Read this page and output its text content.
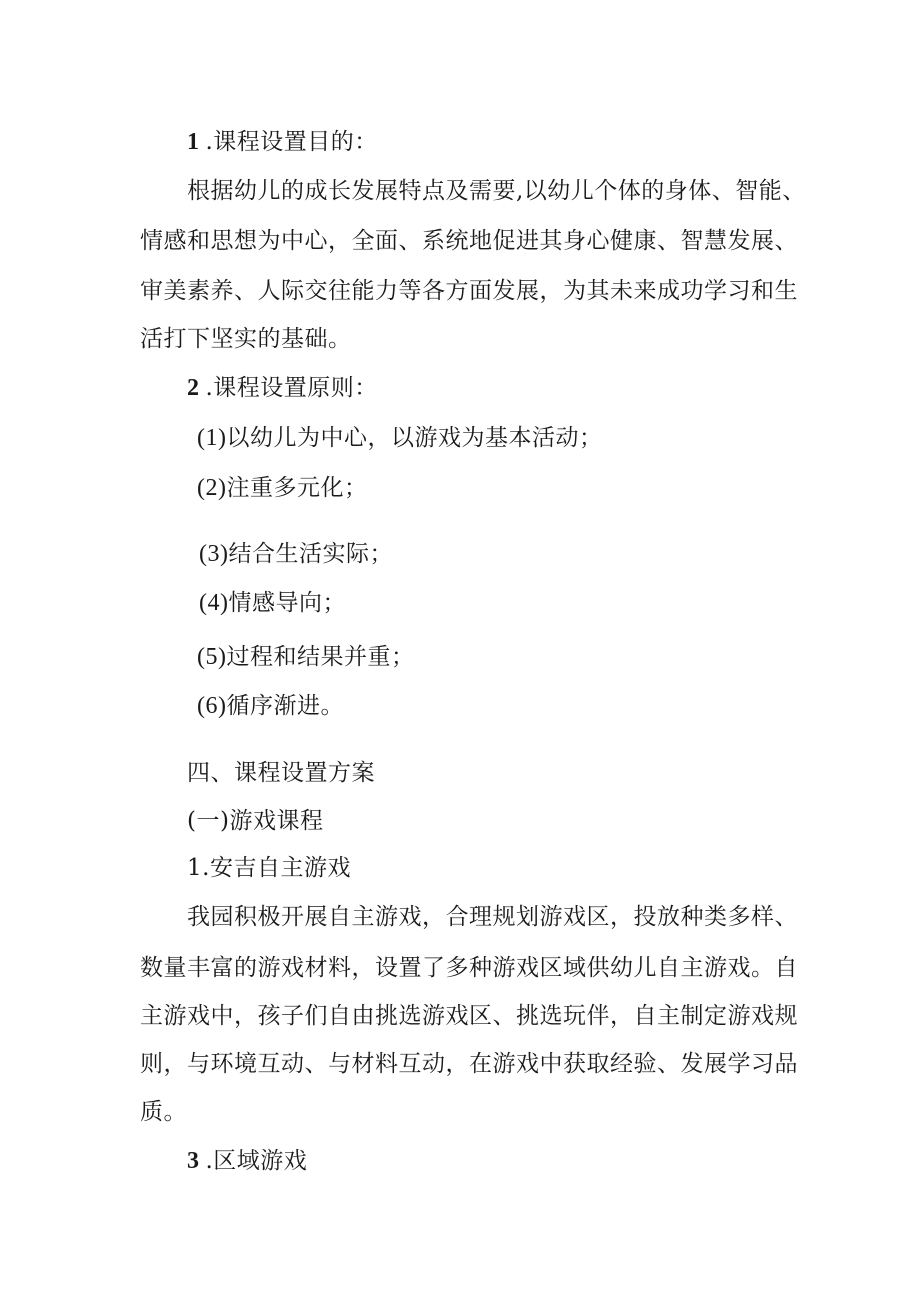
1 .课程设置目的：
根据幼儿的成长发展特点及需要,以幼儿个体的身体、智能、
情感和思想为中心，全面、系统地促进其身心健康、智慧发展、
审美素养、人际交往能力等各方面发展，为其未来成功学习和生
活打下坚实的基础。
2 .课程设置原则：
(1)以幼儿为中心，以游戏为基本活动；
(2)注重多元化；
(3)结合生活实际；
(4)情感导向；
(5)过程和结果并重；
(6)循序渐进。
四、课程设置方案
(一)游戏课程
1.安吉自主游戏
我园积极开展自主游戏，合理规划游戏区，投放种类多样、
数量丰富的游戏材料，设置了多种游戏区域供幼儿自主游戏。自
主游戏中，孩子们自由挑选游戏区、挑选玩伴，自主制定游戏规
则，与环境互动、与材料互动，在游戏中获取经验、发展学习品
质。
3 .区域游戏
